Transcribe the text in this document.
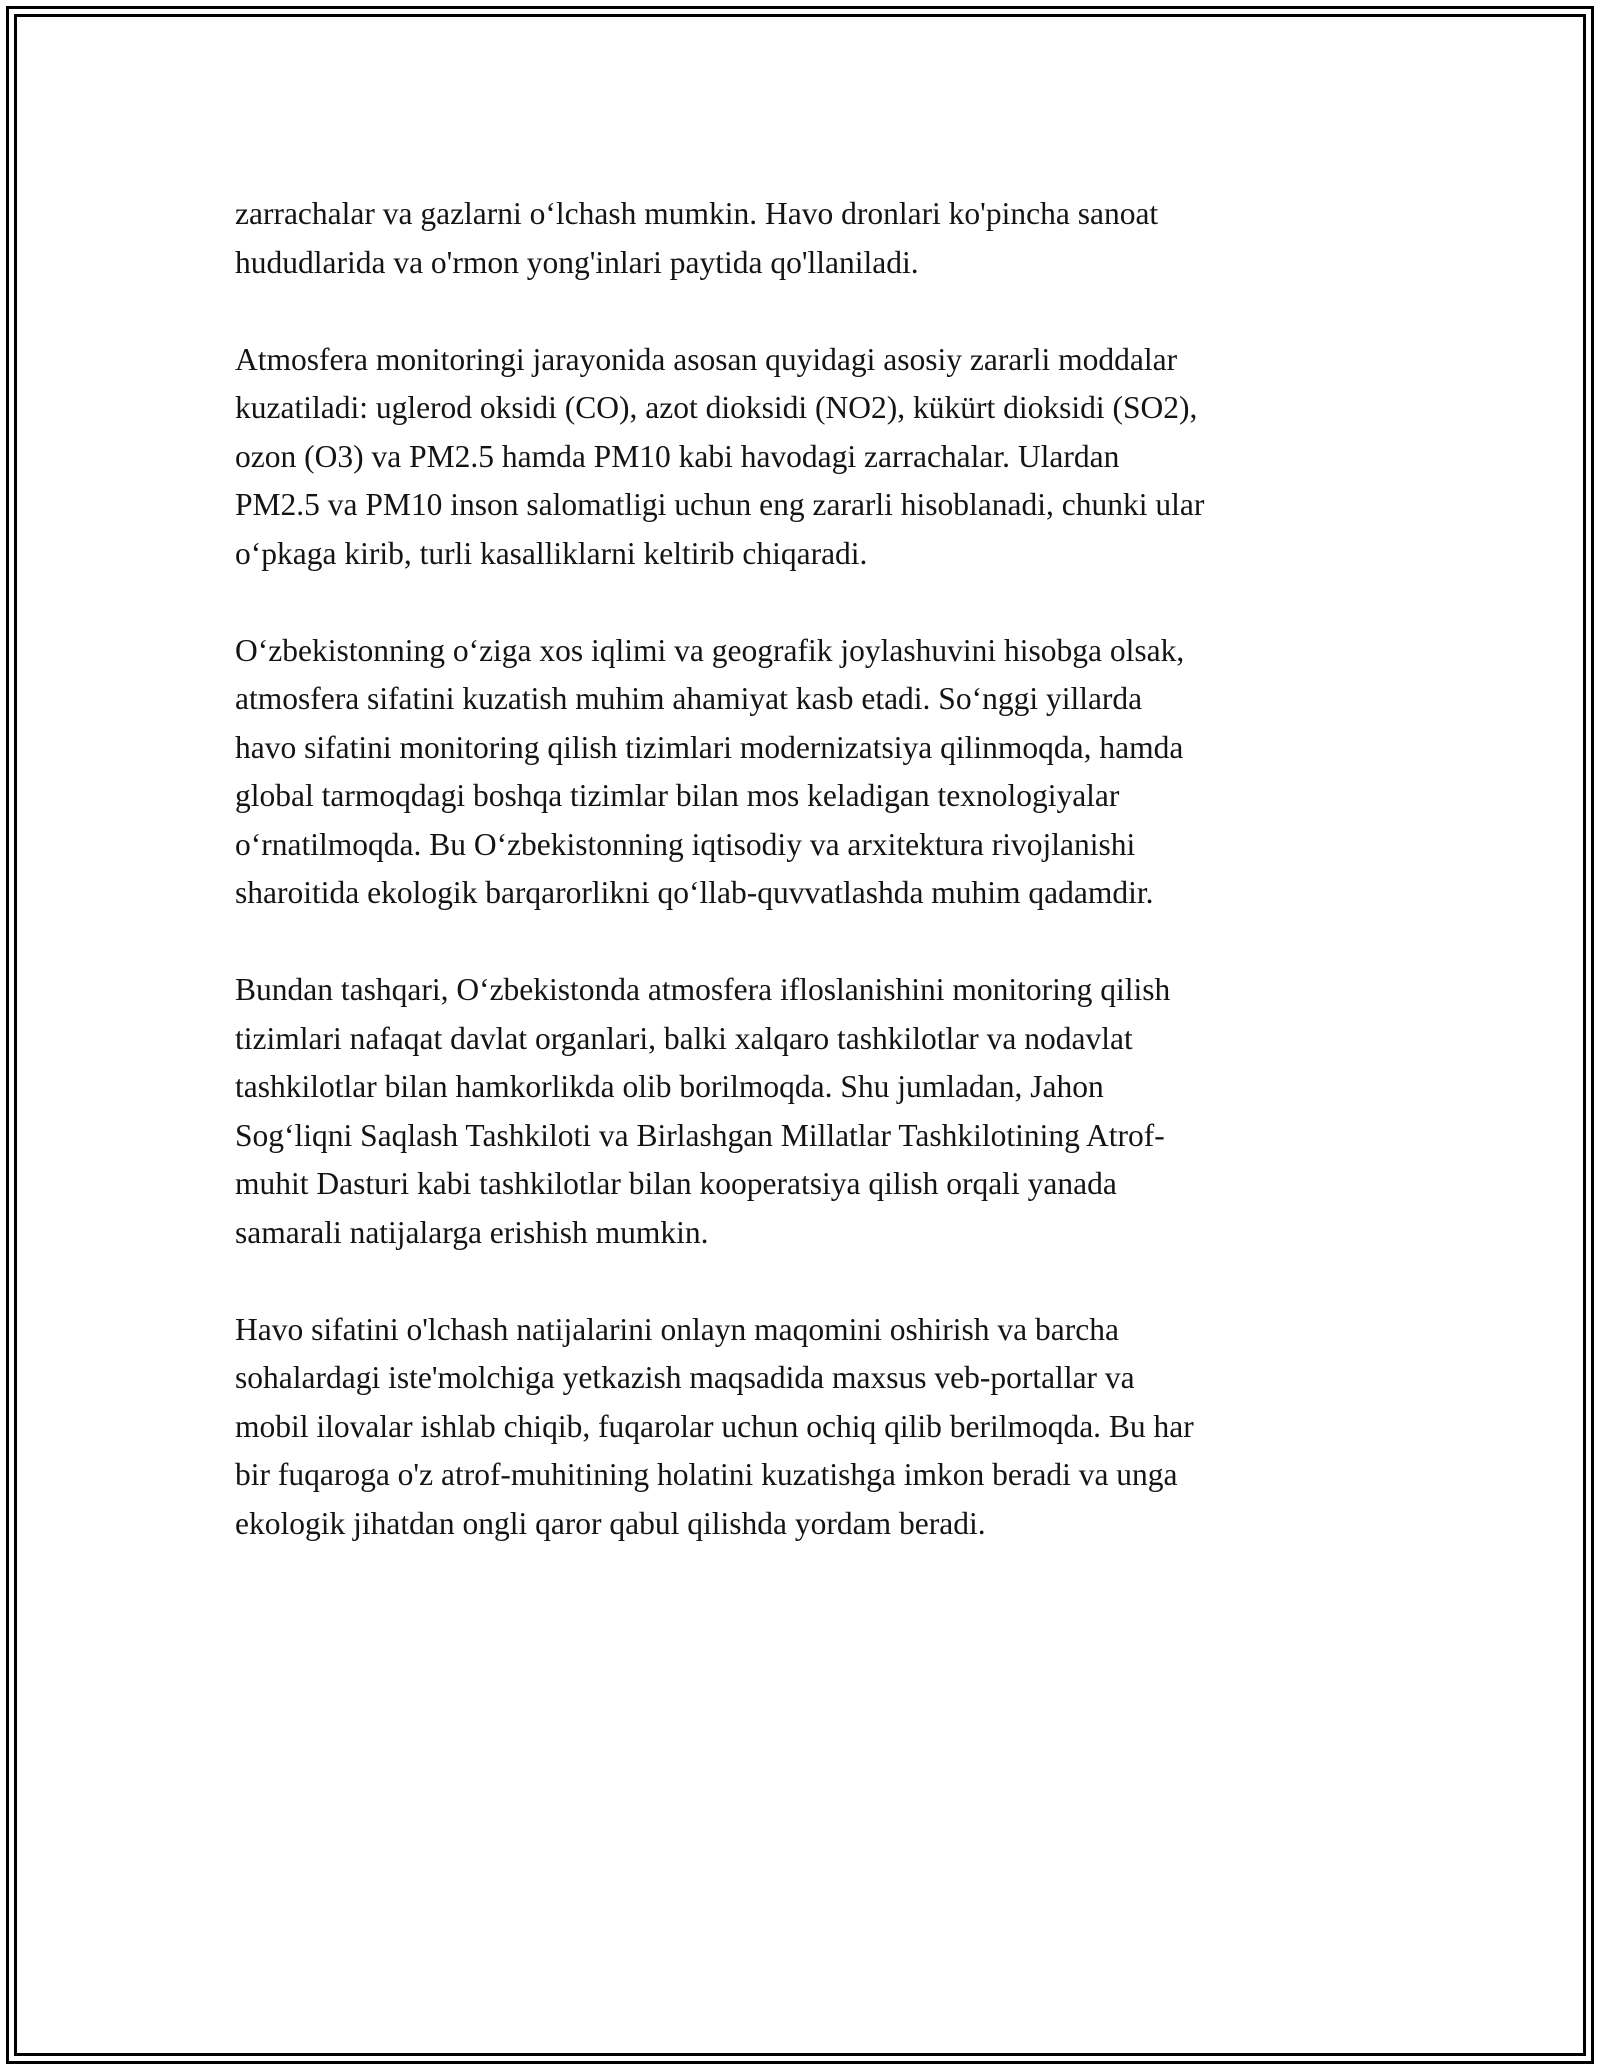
zarrachalar va gazlarni o‘lchash mumkin. Havo dronlari ko'pincha sanoat
hududlarida va o'rmon yong'inlari paytida qo'llaniladi.

Atmosfera monitoringi jarayonida asosan quyidagi asosiy zararli moddalar
kuzatiladi: uglerod oksidi (CO), azot dioksidi (NO2), kükürt dioksidi (SO2),
ozon (O3) va PM2.5 hamda PM10 kabi havodagi zarrachalar. Ulardan
PM2.5 va PM10 inson salomatligi uchun eng zararli hisoblanadi, chunki ular
o‘pkaga kirib, turli kasalliklarni keltirib chiqaradi.

O‘zbekistonning o‘ziga xos iqlimi va geografik joylashuvini hisobga olsak,
atmosfera sifatini kuzatish muhim ahamiyat kasb etadi. So‘nggi yillarda
havo sifatini monitoring qilish tizimlari modernizatsiya qilinmoqda, hamda
global tarmoqdagi boshqa tizimlar bilan mos keladigan texnologiyalar
o‘rnatilmoqda. Bu O‘zbekistonning iqtisodiy va arxitektura rivojlanishi
sharoitida ekologik barqarorlikni qo‘llab-quvvatlashda muhim qadamdir.

Bundan tashqari, O‘zbekistonda atmosfera ifloslanishini monitoring qilish
tizimlari nafaqat davlat organlari, balki xalqaro tashkilotlar va nodavlat
tashkilotlar bilan hamkorlikda olib borilmoqda. Shu jumladan, Jahon
Sog‘liqni Saqlash Tashkiloti va Birlashgan Millatlar Tashkilotining Atrof-
muhit Dasturi kabi tashkilotlar bilan kooperatsiya qilish orqali yanada
samarali natijalarga erishish mumkin.

Havo sifatini o'lchash natijalarini onlayn maqomini oshirish va barcha
sohalardagi iste'molchiga yetkazish maqsadida maxsus veb-portallar va
mobil ilovalar ishlab chiqib, fuqarolar uchun ochiq qilib berilmoqda. Bu har
bir fuqaroga o'z atrof-muhitining holatini kuzatishga imkon beradi va unga
ekologik jihatdan ongli qaror qabul qilishda yordam beradi.
